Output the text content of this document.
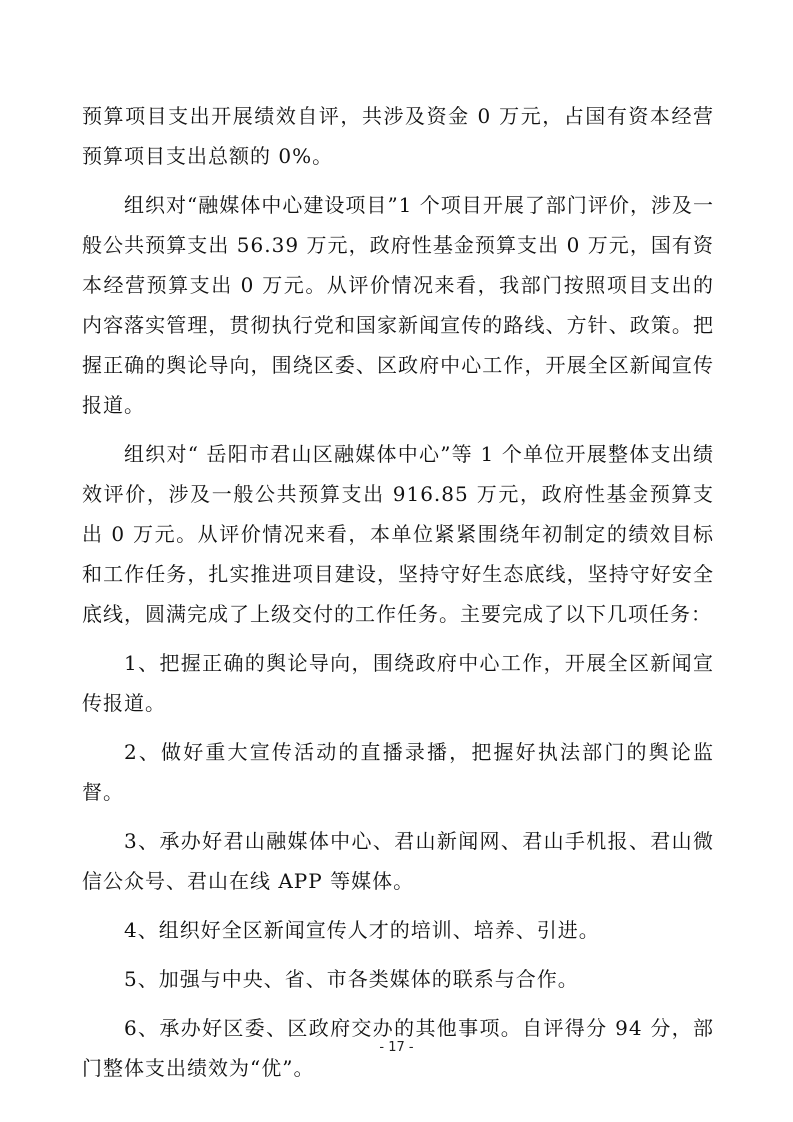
预算项目支出开展绩效自评，共涉及资金 0 万元，占国有资本经营预算项目支出总额的 0%。

组织对“融媒体中心建设项目”1 个项目开展了部门评价，涉及一般公共预算支出 56.39 万元，政府性基金预算支出 0 万元，国有资本经营预算支出 0 万元。从评价情况来看，我部门按照项目支出的内容落实管理，贯彻执行党和国家新闻宣传的路线、方针、政策。把握正确的舆论导向，围绕区委、区政府中心工作，开展全区新闻宣传报道。

组织对“ 岳阳市君山区融媒体中心”等 1 个单位开展整体支出绩效评价，涉及一般公共预算支出 916.85 万元，政府性基金预算支出 0 万元。从评价情况来看，本单位紧紧围绕年初制定的绩效目标和工作任务，扎实推进项目建设，坚持守好生态底线，坚持守好安全底线，圆满完成了上级交付的工作任务。主要完成了以下几项任务：

1、把握正确的舆论导向，围绕政府中心工作，开展全区新闻宣传报道。

2、做好重大宣传活动的直播录播，把握好执法部门的舆论监督。

3、承办好君山融媒体中心、君山新闻网、君山手机报、君山微信公众号、君山在线 APP 等媒体。

4、组织好全区新闻宣传人才的培训、培养、引进。

5、加强与中央、省、市各类媒体的联系与合作。

6、承办好区委、区政府交办的其他事项。自评得分 94 分，部门整体支出绩效为“优”。

- 17 -
